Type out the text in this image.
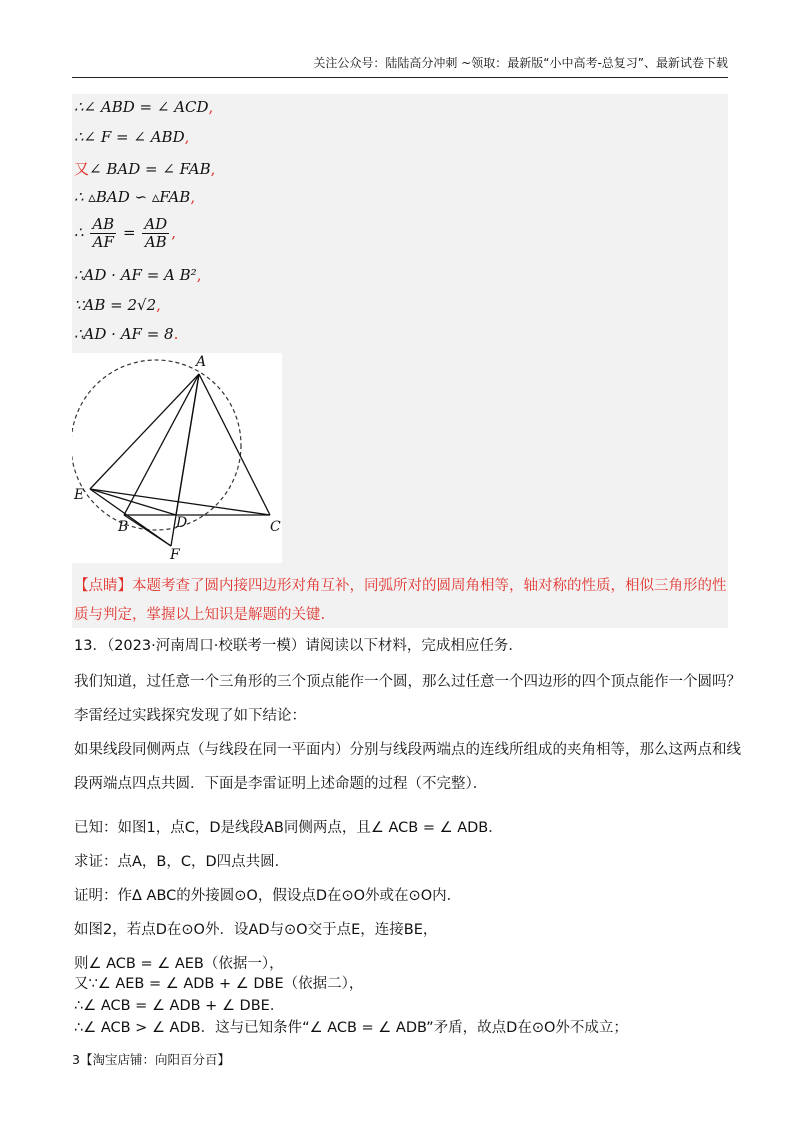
关注公众号：陆陆高分冲刺 ~领取：最新版“小中高考-总复习”、最新试卷下载
∴∠ ABD = ∠ ACD,
∴∠ F = ∠ ABD,
又∠ BAD = ∠ FAB,
∴ ▵BAD ∽ ▵FAB,
∴ $\frac{AB}{AF} = \frac{AD}{AB}$ ,
∴AD · AF = A B²,
∵AB = 2√2,
∴AD · AF = 8.
A
E
B	D	C
F
【点睛】本题考查了圆内接四边形对角互补，同弧所对的圆周角相等，轴对称的性质，相似三角形的性质与判定，掌握以上知识是解题的关键.
13．（2023·河南周口·校联考一模）请阅读以下材料，完成相应任务．
我们知道，过任意一个三角形的三个顶点能作一个圆，那么过任意一个四边形的四个顶点能作一个圆吗？
李雷经过实践探究发现了如下结论：
如果线段同侧两点（与线段在同一平面内）分别与线段两端点的连线所组成的夹角相等，那么这两点和线
段两端点四点共圆．下面是李雷证明上述命题的过程（不完整）．
已知：如图1，点C，D是线段AB同侧两点，且∠ ACB = ∠ ADB．
求证：点A，B，C，D四点共圆．
证明：作Δ ABC的外接圆⊙O，假设点D在⊙O外或在⊙O内．
如图2，若点D在⊙O外．设AD与⊙O交于点E，连接BE，
则∠ ACB = ∠ AEB（依据一），
又∵∠ AEB = ∠ ADB + ∠ DBE（依据二），
∴∠ ACB = ∠ ADB + ∠ DBE．
∴∠ ACB > ∠ ADB．这与已知条件“∠ ACB = ∠ ADB”矛盾，故点D在⊙O外不成立；
3【淘宝店铺：向阳百分百】
